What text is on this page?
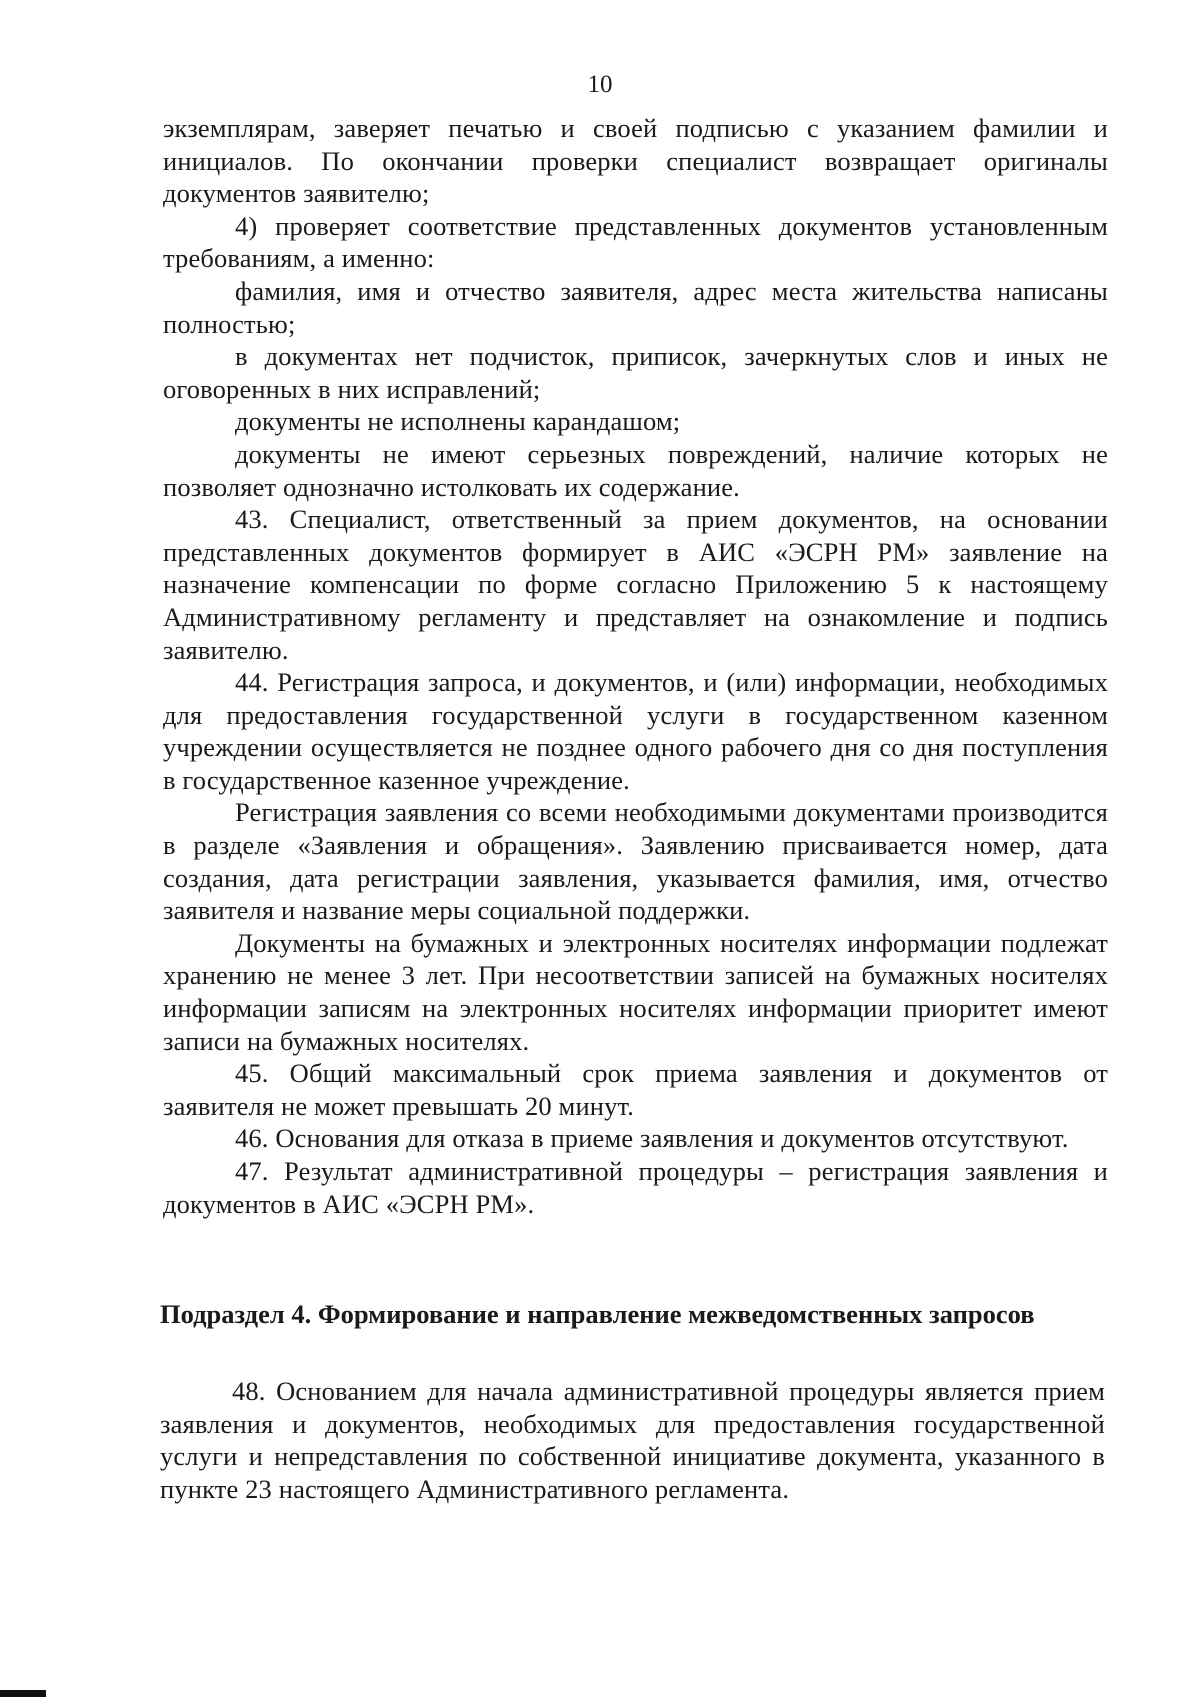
10

экземплярам, заверяет печатью и своей подписью с указанием фамилии и инициалов. По окончании проверки специалист возвращает оригиналы документов заявителю;

4) проверяет соответствие представленных документов установленным требованиям, а именно:

фамилия, имя и отчество заявителя, адрес места жительства написаны полностью;

в документах нет подчисток, приписок, зачеркнутых слов и иных не оговоренных в них исправлений;

документы не исполнены карандашом;

документы не имеют серьезных повреждений, наличие которых не позволяет однозначно истолковать их содержание.

43. Специалист, ответственный за прием документов, на основании представленных документов формирует в АИС «ЭСРН РМ» заявление на назначение компенсации по форме согласно Приложению 5 к настоящему Административному регламенту и представляет на ознакомление и подпись заявителю.

44. Регистрация запроса, и документов, и (или) информации, необходимых для предоставления государственной услуги в государственном казенном учреждении осуществляется не позднее одного рабочего дня со дня поступления в государственное казенное учреждение.

Регистрация заявления со всеми необходимыми документами производится в разделе «Заявления и обращения». Заявлению присваивается номер, дата создания, дата регистрации заявления, указывается фамилия, имя, отчество заявителя и название меры социальной поддержки.

Документы на бумажных и электронных носителях информации подлежат хранению не менее 3 лет. При несоответствии записей на бумажных носителях информации записям на электронных носителях информации приоритет имеют записи на бумажных носителях.

45. Общий максимальный срок приема заявления и документов от заявителя не может превышать 20 минут.

46. Основания для отказа в приеме заявления и документов отсутствуют.

47. Результат административной процедуры – регистрация заявления и документов в АИС «ЭСРН РМ».

Подраздел 4. Формирование и направление межведомственных запросов

48. Основанием для начала административной процедуры является прием заявления и документов, необходимых для предоставления государственной услуги и непредставления по собственной инициативе документа, указанного в пункте 23 настоящего Административного регламента.
